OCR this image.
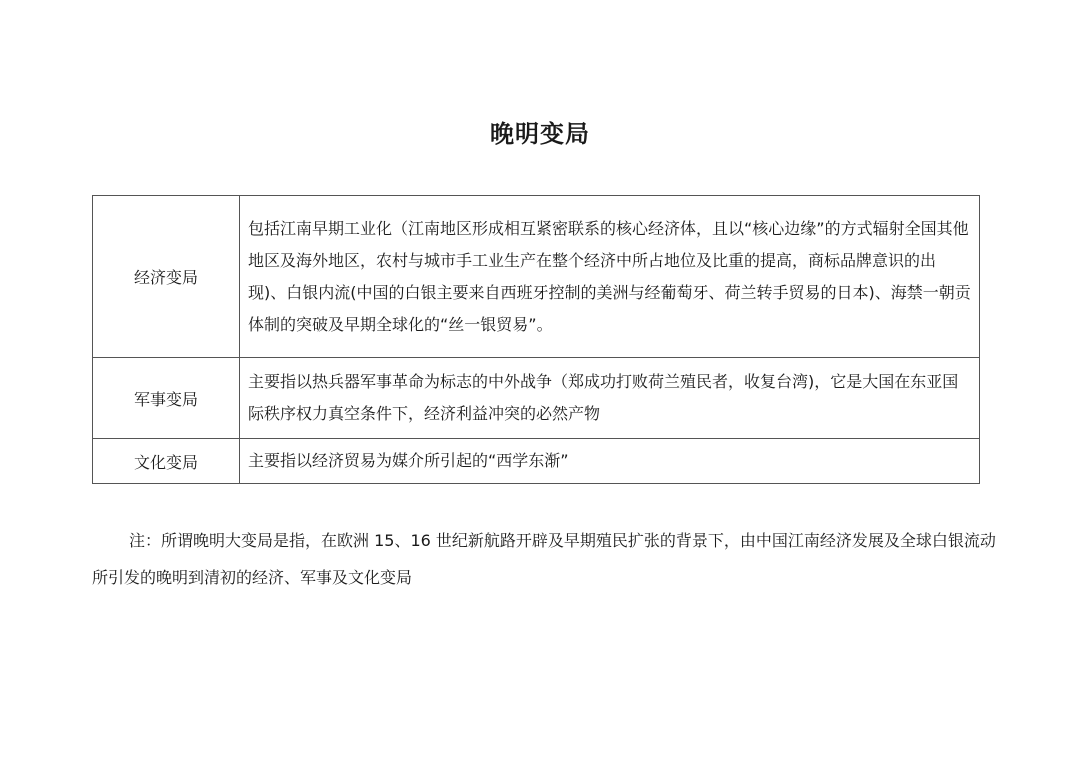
晚明变局
经济变局	包括江南早期工业化（江南地区形成相互紧密联系的核心经济体，且以“核心边缘”的方式辐射全国其他地区及海外地区，农村与城市手工业生产在整个经济中所占地位及比重的提高，商标品牌意识的出现)、白银内流(中国的白银主要来自西班牙控制的美洲与经葡萄牙、荷兰转手贸易的日本)、海禁一朝贡体制的突破及早期全球化的“丝一银贸易”。
军事变局	主要指以热兵器军事革命为标志的中外战争（郑成功打败荷兰殖民者，收复台湾)，它是大国在东亚国际秩序权力真空条件下，经济利益冲突的必然产物
文化变局	主要指以经济贸易为媒介所引起的“西学东渐”
注：所谓晚明大变局是指，在欧洲 15、16 世纪新航路开辟及早期殖民扩张的背景下，由中国江南经济发展及全球白银流动所引发的晚明到清初的经济、军事及文化变局
